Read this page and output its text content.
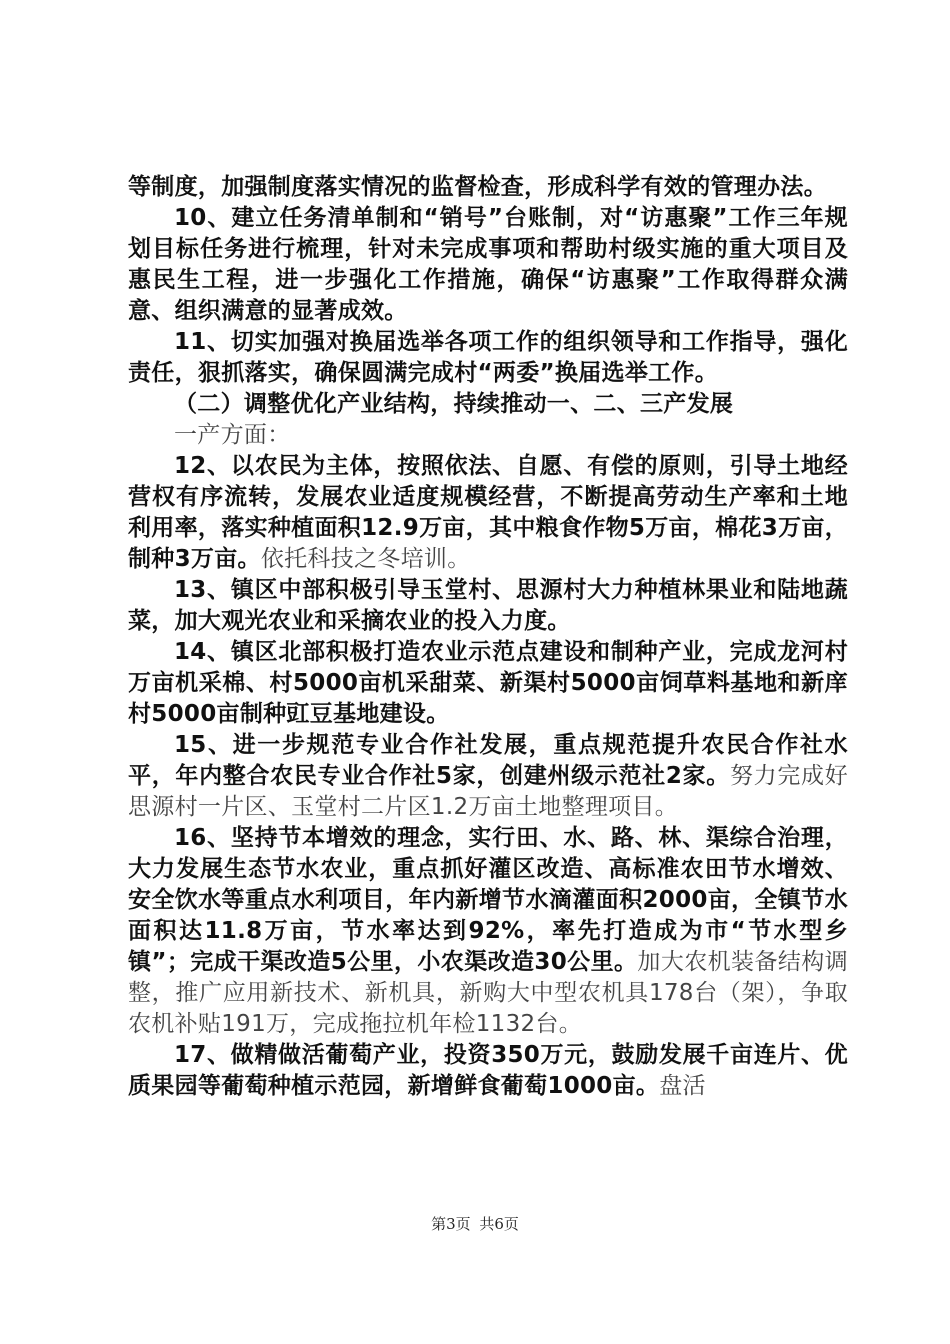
等制度，加强制度落实情况的监督检查，形成科学有效的管理办法。

10、建立任务清单制和“销号”台账制，对“访惠聚”工作三年规划目标任务进行梳理，针对未完成事项和帮助村级实施的重大项目及惠民生工程，进一步强化工作措施，确保“访惠聚”工作取得群众满意、组织满意的显著成效。

11、切实加强对换届选举各项工作的组织领导和工作指导，强化责任，狠抓落实，确保圆满完成村“两委”换届选举工作。

（二）调整优化产业结构，持续推动一、二、三产发展

一产方面：

12、以农民为主体，按照依法、自愿、有偿的原则，引导土地经营权有序流转，发展农业适度规模经营，不断提高劳动生产率和土地利用率，落实种植面积12.9万亩，其中粮食作物5万亩，棉花3万亩，制种3万亩。依托科技之冬培训。

13、镇区中部积极引导玉堂村、思源村大力种植林果业和陆地蔬菜，加大观光农业和采摘农业的投入力度。

14、镇区北部积极打造农业示范点建设和制种产业，完成龙河村万亩机采棉、村5000亩机采甜菜、新渠村5000亩饲草料基地和新庠村5000亩制种豇豆基地建设。

15、进一步规范专业合作社发展，重点规范提升农民合作社水平，年内整合农民专业合作社5家，创建州级示范社2家。努力完成好思源村一片区、玉堂村二片区1.2万亩土地整理项目。

16、坚持节本增效的理念，实行田、水、路、林、渠综合治理，大力发展生态节水农业，重点抓好灌区改造、高标准农田节水增效、安全饮水等重点水利项目，年内新增节水滴灌面积2000亩，全镇节水面积达11.8万亩，节水率达到92%，率先打造成为市“节水型乡镇”；完成干渠改造5公里，小农渠改造30公里。加大农机装备结构调整，推广应用新技术、新机具，新购大中型农机具178台（架），争取农机补贴191万，完成拖拉机年检1132台。

17、做精做活葡萄产业，投资350万元，鼓励发展千亩连片、优质果园等葡萄种植示范园，新增鲜食葡萄1000亩。盘活

第3页 共6页
